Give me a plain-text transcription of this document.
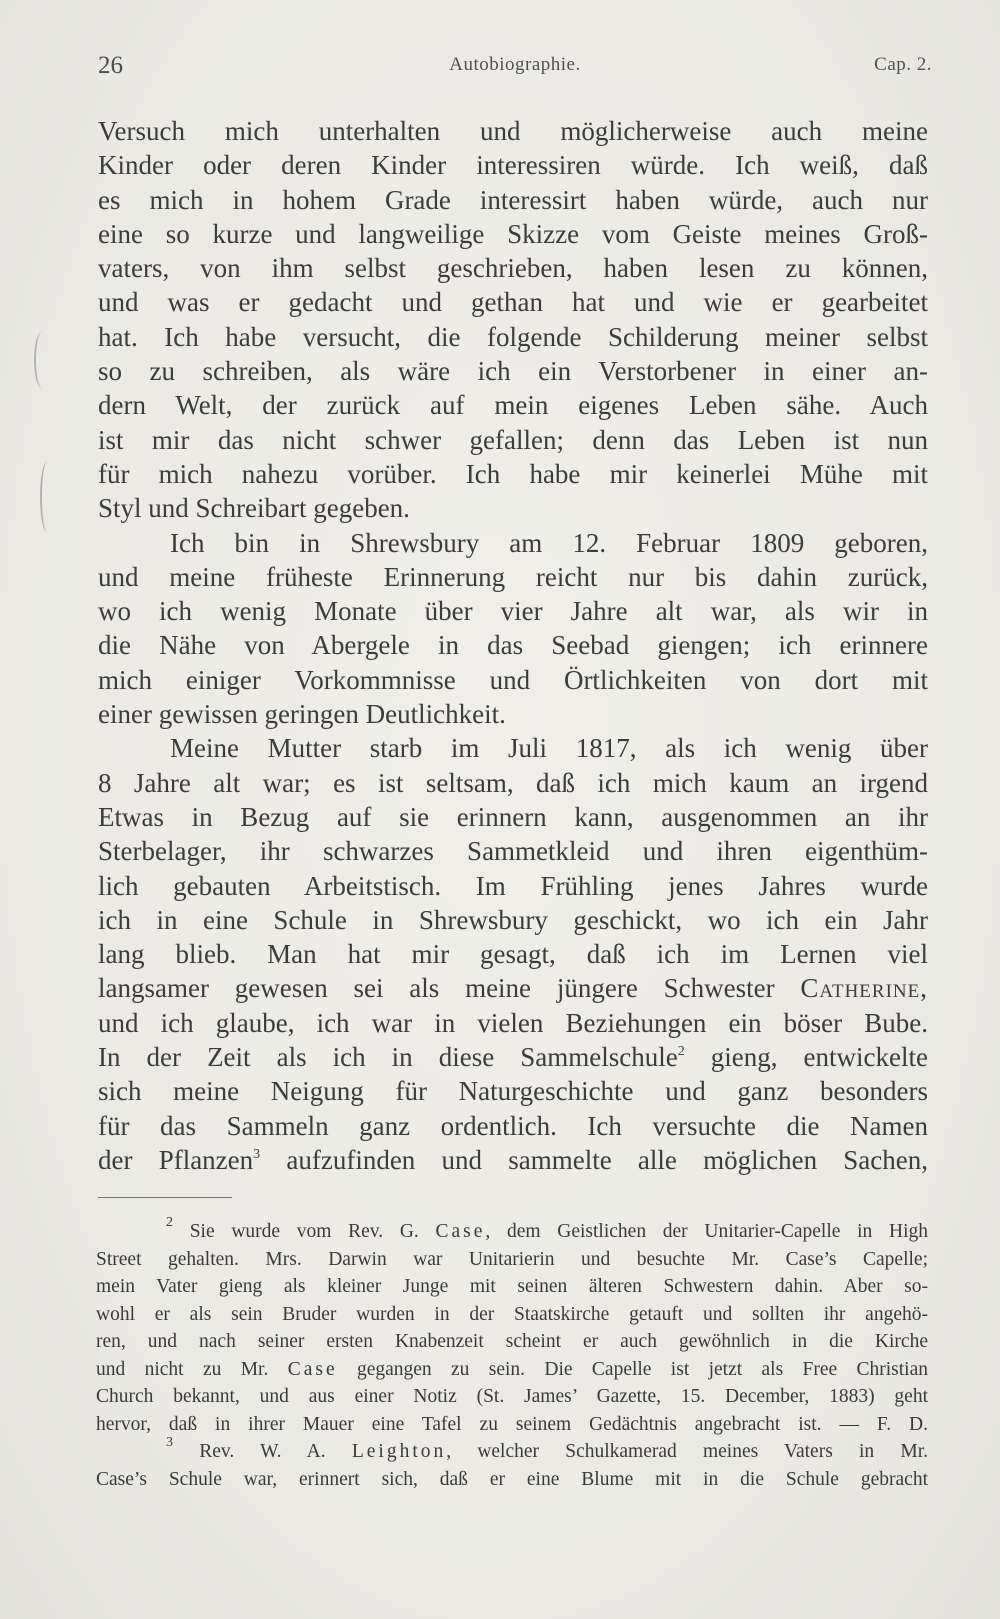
26	Autobiographie.	Cap. 2.
Versuch mich unterhalten und möglicherweise auch meine
Kinder oder deren Kinder interessiren würde. Ich weiß, daß
es mich in hohem Grade interessirt haben würde, auch nur
eine so kurze und langweilige Skizze vom Geiste meines Groß-
vaters, von ihm selbst geschrieben, haben lesen zu können,
und was er gedacht und gethan hat und wie er gearbeitet
hat. Ich habe versucht, die folgende Schilderung meiner selbst
so zu schreiben, als wäre ich ein Verstorbener in einer an-
dern Welt, der zurück auf mein eigenes Leben sähe. Auch
ist mir das nicht schwer gefallen; denn das Leben ist nun
für mich nahezu vorüber. Ich habe mir keinerlei Mühe mit
Styl und Schreibart gegeben.
Ich bin in Shrewsbury am 12. Februar 1809 geboren,
und meine früheste Erinnerung reicht nur bis dahin zurück,
wo ich wenig Monate über vier Jahre alt war, als wir in
die Nähe von Abergele in das Seebad giengen; ich erinnere
mich einiger Vorkommnisse und Örtlichkeiten von dort mit
einer gewissen geringen Deutlichkeit.
Meine Mutter starb im Juli 1817, als ich wenig über
8 Jahre alt war; es ist seltsam, daß ich mich kaum an irgend
Etwas in Bezug auf sie erinnern kann, ausgenommen an ihr
Sterbelager, ihr schwarzes Sammetkleid und ihren eigenthüm-
lich gebauten Arbeitstisch. Im Frühling jenes Jahres wurde
ich in eine Schule in Shrewsbury geschickt, wo ich ein Jahr
lang blieb. Man hat mir gesagt, daß ich im Lernen viel
langsamer gewesen sei als meine jüngere Schwester Catherine,
und ich glaube, ich war in vielen Beziehungen ein böser Bube.
In der Zeit als ich in diese Sammelschule$^2$ gieng, entwickelte
sich meine Neigung für Naturgeschichte und ganz besonders
für das Sammeln ganz ordentlich. Ich versuchte die Namen
der Pflanzen$^3$ aufzufinden und sammelte alle möglichen Sachen,
$^2$ Sie wurde vom Rev. G. Case, dem Geistlichen der Unitarier-Capelle in High
Street gehalten. Mrs. Darwin war Unitarierin und besuchte Mr. Case’s Capelle;
mein Vater gieng als kleiner Junge mit seinen älteren Schwestern dahin. Aber so-
wohl er als sein Bruder wurden in der Staatskirche getauft und sollten ihr angehö-
ren, und nach seiner ersten Knabenzeit scheint er auch gewöhnlich in die Kirche
und nicht zu Mr. Case gegangen zu sein. Die Capelle ist jetzt als Free Christian
Church bekannt, und aus einer Notiz (St. James’ Gazette, 15. December, 1883) geht
hervor, daß in ihrer Mauer eine Tafel zu seinem Gedächtnis angebracht ist. — F. D.
$^3$ Rev. W. A. Leighton, welcher Schulkamerad meines Vaters in Mr.
Case’s Schule war, erinnert sich, daß er eine Blume mit in die Schule gebracht
